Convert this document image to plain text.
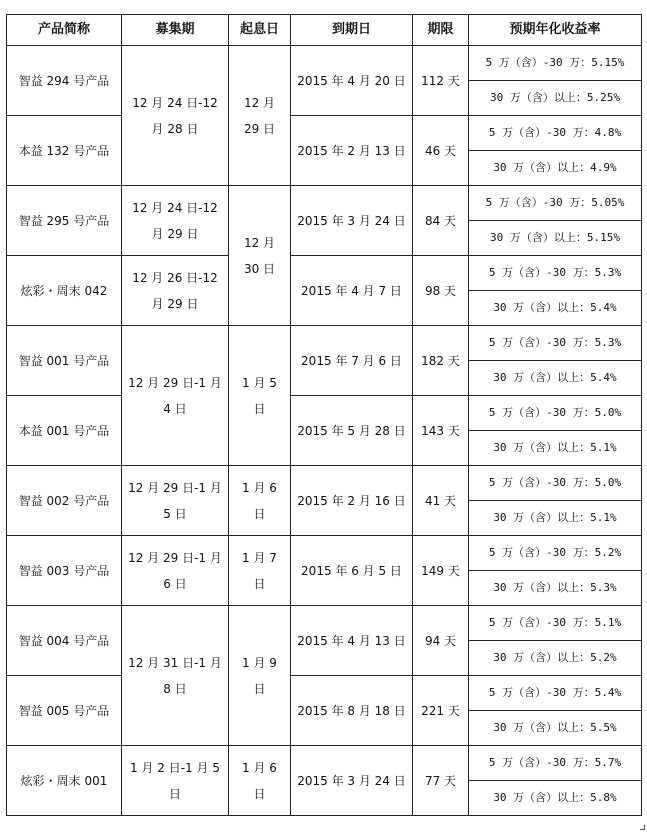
产品简称	募集期	起息日	到期日	期限	预期年化收益率

智益 294 号产品	12 月 24 日-12 月 28 日	12 月 29 日	2015 年 4 月 20 日	112 天	5 万（含）-30 万：5.15%

					30 万（含）以上：5.25%

本益 132 号产品			2015 年 2 月 13 日	46 天	5 万（含）-30 万：4.8%

					30 万（含）以上：4.9%

智益 295 号产品	12 月 24 日-12 月 29 日	12 月 30 日	2015 年 3 月 24 日	84 天	5 万（含）-30 万：5.05%

					30 万（含）以上：5.15%

炫彩・周末 042	12 月 26 日-12 月 29 日		2015 年 4 月 7 日	98 天	5 万（含）-30 万：5.3%

					30 万（含）以上：5.4%

智益 001 号产品	12 月 29 日-1 月 4 日	1 月 5 日	2015 年 7 月 6 日	182 天	5 万（含）-30 万：5.3%

					30 万（含）以上：5.4%

本益 001 号产品			2015 年 5 月 28 日	143 天	5 万（含）-30 万：5.0%

					30 万（含）以上：5.1%

智益 002 号产品	12 月 29 日-1 月 5 日	1 月 6 日	2015 年 2 月 16 日	41 天	5 万（含）-30 万：5.0%

					30 万（含）以上：5.1%

智益 003 号产品	12 月 29 日-1 月 6 日	1 月 7 日	2015 年 6 月 5 日	149 天	5 万（含）-30 万：5.2%

					30 万（含）以上：5.3%

智益 004 号产品	12 月 31 日-1 月 8 日	1 月 9 日	2015 年 4 月 13 日	94 天	5 万（含）-30 万：5.1%

					30 万（含）以上：5.2%

智益 005 号产品			2015 年 8 月 18 日	221 天	5 万（含）-30 万：5.4%

					30 万（含）以上：5.5%

炫彩・周末 001	1 月 2 日-1 月 5 日	1 月 6 日	2015 年 3 月 24 日	77 天	5 万（含）-30 万：5.7%

					30 万（含）以上：5.8%
